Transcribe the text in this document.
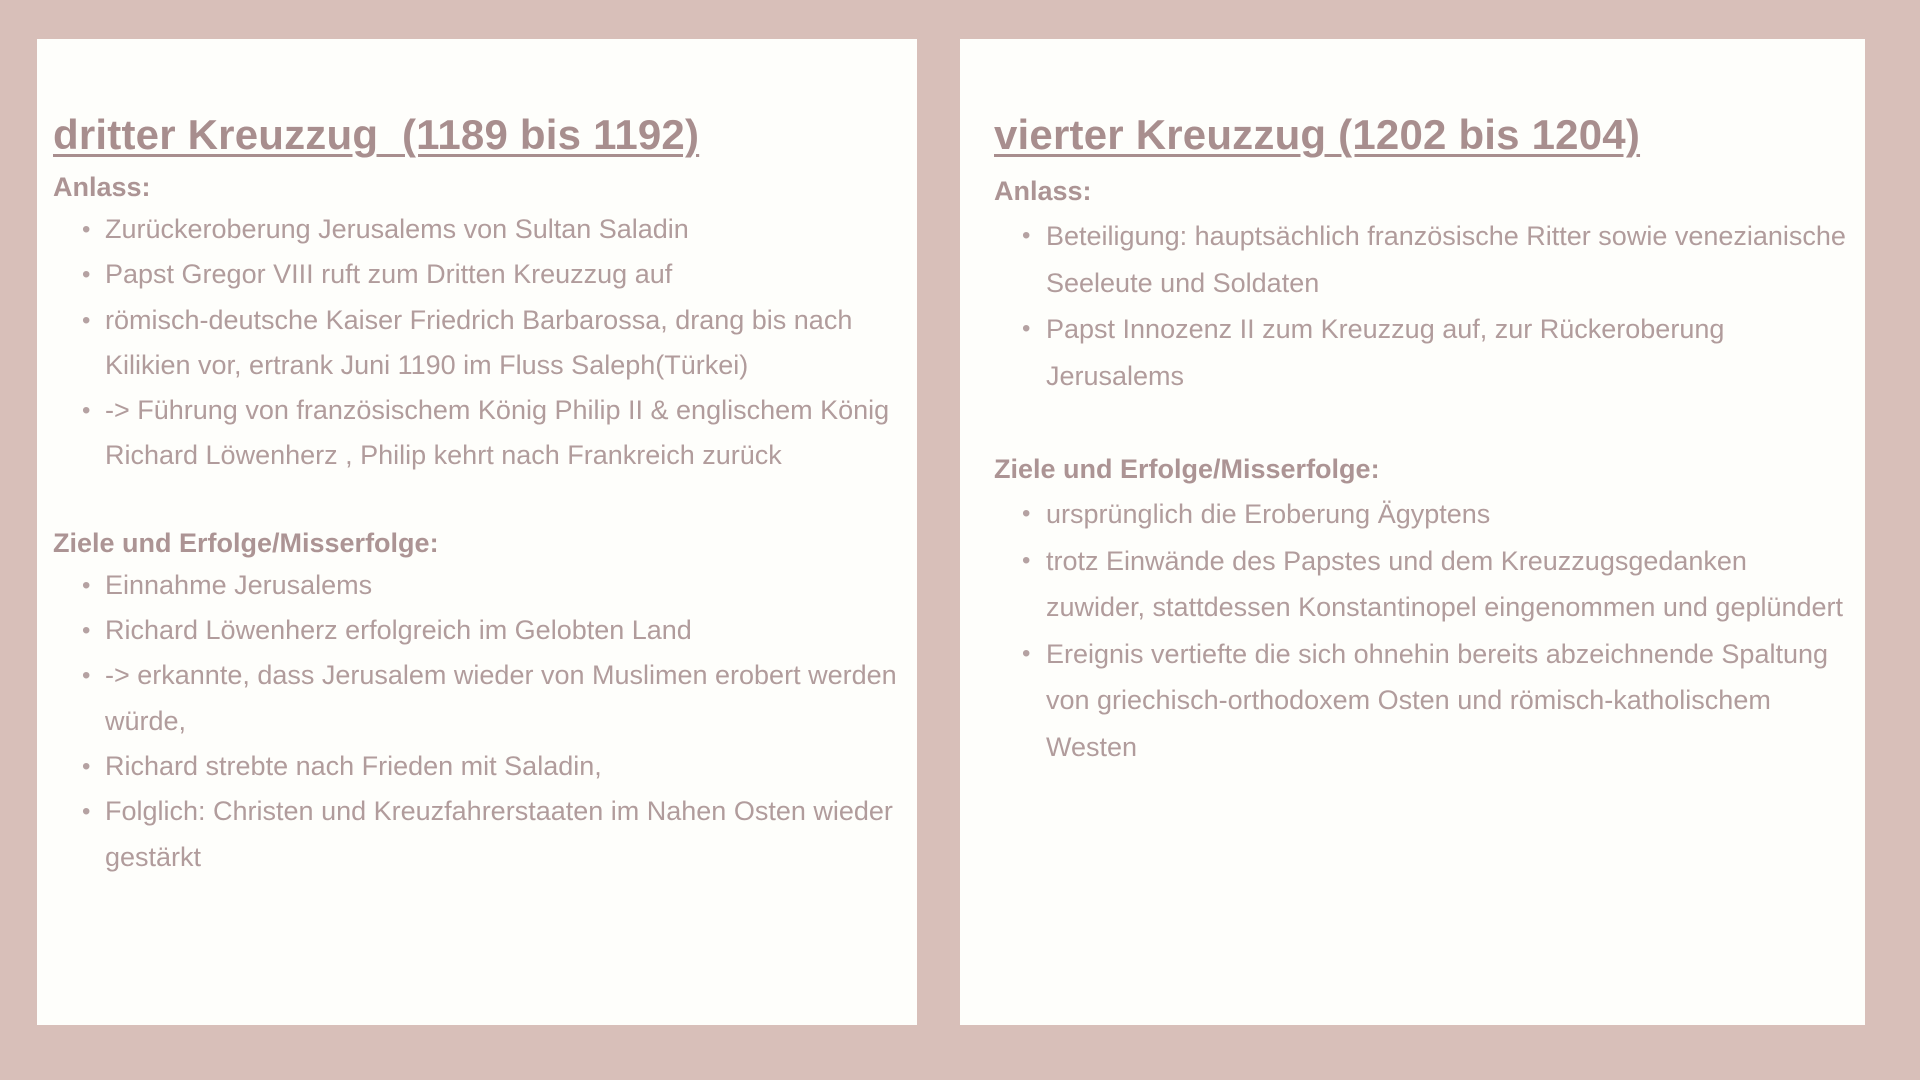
dritter Kreuzzug  (1189 bis 1192)
Anlass:
• Zurückeroberung Jerusalems von Sultan Saladin
• Papst Gregor VIII ruft zum Dritten Kreuzzug auf
• römisch-deutsche Kaiser Friedrich Barbarossa, drang bis nach Kilikien vor, ertrank Juni 1190 im Fluss Saleph(Türkei)
• -> Führung von französischem König Philip II & englischem König Richard Löwenherz , Philip kehrt nach Frankreich zurück
Ziele und Erfolge/Misserfolge:
• Einnahme Jerusalems
• Richard Löwenherz erfolgreich im Gelobten Land
• -> erkannte, dass Jerusalem wieder von Muslimen erobert werden würde,
• Richard strebte nach Frieden mit Saladin,
• Folglich: Christen und Kreuzfahrerstaaten im Nahen Osten wieder gestärkt
vierter Kreuzzug (1202 bis 1204)
Anlass:
• Beteiligung: hauptsächlich französische Ritter sowie venezianische Seeleute und Soldaten
• Papst Innozenz II zum Kreuzzug auf, zur Rückeroberung Jerusalems
Ziele und Erfolge/Misserfolge:
• ursprünglich die Eroberung Ägyptens
• trotz Einwände des Papstes und dem Kreuzzugsgedanken zuwider, stattdessen Konstantinopel eingenommen und geplündert
• Ereignis vertiefte die sich ohnehin bereits abzeichnende Spaltung von griechisch-orthodoxem Osten und römisch-katholischem Westen
